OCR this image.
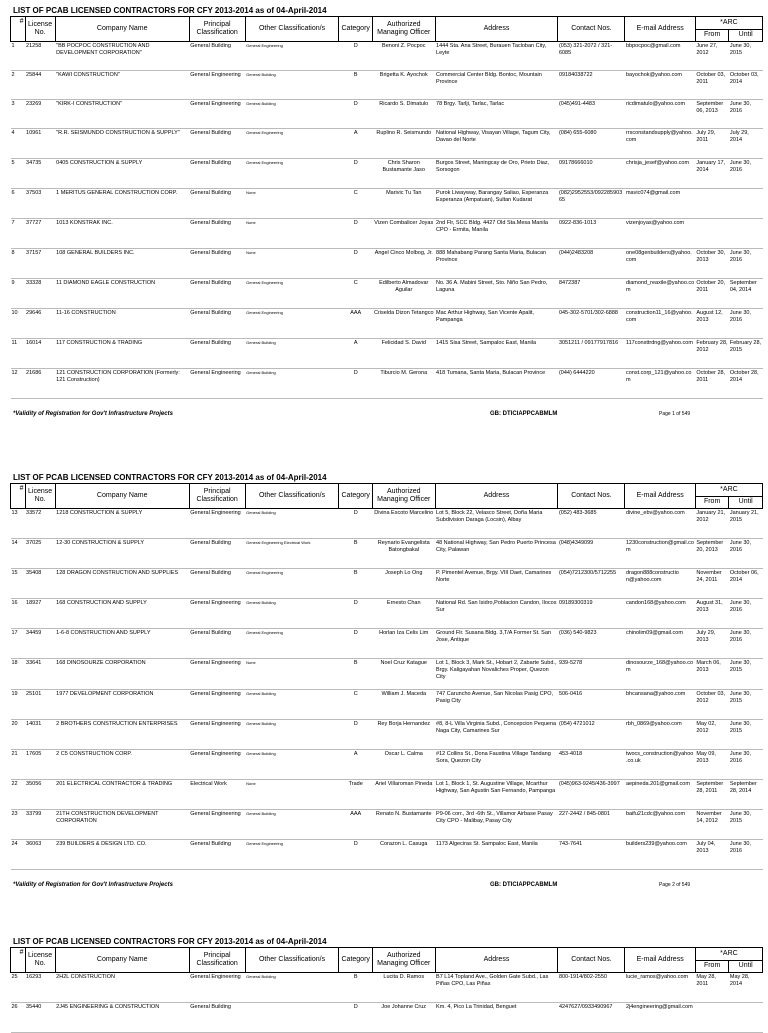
LIST OF PCAB LICENSED CONTRACTORS FOR CFY 2013-2014 as of 04-April-2014
#	License No.	Company Name	Principal Classification	Other Classification/s	Category	Authorized Managing Officer	Address	Contact Nos.	E-mail Address	*ARC	
										From	Until
1	21258	"BB POCPOC CONSTRUCTION AND DEVELOPMENT CORPORATION"	General Building	General Engineering	D	Benoni Z. Pocpoc	1444 Sta. Ana Street, Burauen Tacloban City, Leyte	(053) 321-2072 / 321-6085	bbpocpoc@gmail.com	June 27, 2012	June 30, 2015
2	25844	"KAWI CONSTRUCTION"	General Engineering	General Building	B	Brigetta K. Ayochok	Commercial Center Bldg. Bontoc, Mountain Province	09184038722	bayochok@yahoo.com	October 03, 2011	October 03, 2014
3	23269	"KIRK-I CONSTRUCTION"	General Engineering	General Building	D	Ricardo S. Dimatulo	78 Brgy. Tarlji, Tarlac, Tarlac	(045)491-4483	ricdimatulo@yahoo.com	September 06, 2013	June 30, 2016
4	10961	"R.R. SEISMUNDO CONSTRUCTION & SUPPLY"	General Building	General Engineering	A	Ruplino R. Seismundo	National Highway, Visayan Village, Tagum City, Davao del Norte	(084) 655-6080	rrsconstandsupply@yahoo.com	July 29, 2011	July 29, 2014
5	34735	0405 CONSTRUCTION & SUPPLY	General Building	General Engineering	D	Chris Sharon Bustamante Jaso	Burgos Street, Maningcay de Oro, Prieto Diaz, Sorsogon	09178666010	chrisja_jesef@yahoo.com	January 17, 2014	June 30, 2016
6	37503	1 MERITUS GENERAL CONSTRUCTION CORP.	General Building	None	C	Marivic Tu Tan	Purok Liwayway, Barangay Saliao, Esperanza Esperanza (Ampatuan), Sultan Kudarat	(082)2952553/09228590365	mavic074@gmail.com		
7	37727	1013 KONSTRAK INC.	General Building	None	D	Vizen Combalicer Joyas	2nd Flr, SCC Bldg. 4427 Old Sta.Mesa Manila CPO - Ermita, Manila	0922-836-1013	vizenjoyas@yahoo.com		
8	37157	108 GENERAL BUILDERS INC.	General Building	None	D	Angel Cinco Molbog, Jr.	888 Mahabang Parang Santa Maria, Bulacan Province	(044)2483208	one08genbuilders@yahoo.com	October 30, 2013	June 30, 2016
9	33328	11 DIAMOND EAGLE CONSTRUCTION	General Building	General Engineering	C	Edilberto Almadovar Aguilar	No. 36 A. Mabini Street, Sto. Niño San Pedro, Laguna	8472387	diamond_reaxile@yahoo.com	October 20, 2011	September 04, 2014
10	29646	11-16 CONSTRUCTION	General Building	General Engineering	AAA	Criselda Dizon Tetangco	Mac Arthur Highway, San Vicente Apalit, Pampanga	045-302-5701/302-6888	construction11_16@yahoo.com	August 12, 2013	June 30, 2016
11	16014	117 CONSTRUCTION & TRADING	General Building	General Building	A	Felicidad S. David	1415 Sisa Street, Sampaloc East, Manila	3051211 / 09177917816	117consttrdng@yahoo.com	February 28, 2012	February 28, 2015
12	21686	121 CONSTRUCTION CORPORATION (Formerly: 121 Construction)	General Engineering	General Building	D	Tiburcio M. Gerona	418 Tumana, Santa Maria, Bulacan Province	(044) 6444220	const.corp_121@yahoo.com	October 28, 2011	October 28, 2014
*Validity of Registration for Gov't Infrastructure Projects	GB: DTICIAPPCABMLM	Page 1 of 549
LIST OF PCAB LICENSED CONTRACTORS FOR CFY 2013-2014 as of 04-April-2014
#	License No.	Company Name	Principal Classification	Other Classification/s	Category	Authorized Managing Officer	Address	Contact Nos.	E-mail Address	*ARC	
										From	Until
13	33572	1218 CONSTRUCTION & SUPPLY	General Engineering	General Building	D	Divina Escoto Marcelino	Lot 5, Block 22, Velasco Street, Doña Maria Subdivision Daraga (Locsin), Albay	(052) 483-3685	divine_ebv@yahoo.com	January 21, 2012	January 21, 2015
14	37025	12-30 CONSTRUCTION & SUPPLY	General Building	General Engineering Electrical Work	B	Reynario Evangelista Batongbakal	48 National Highway, San Pedro Puerto Princesa City, Palawan	(048)4349099	1230construction@gmail.com	September 20, 2013	June 30, 2016
15	35408	128 DRAGON CONSTRUCTION AND SUPPLIES	General Building	General Engineering	B	Joseph Lo Ong	P. Pimentel Avenue, Brgy. VIII Daet, Camarines Norte	(054)7212300/5712255	dragon888constructio n@yahoo.com	November 24, 2011	October 06, 2014
16	18927	168 CONSTRUCTION AND SUPPLY	General Engineering	General Building	D	Ernesto Chan	National Rd. San Isidro,Poblacion Candon, Ilocos Sur	09189300319	candon168@yahoo.com	August 31, 2013	June 30, 2016
17	34459	1-6-8 CONSTRUCTION AND SUPPLY	General Building	General Engineering	D	Horlan Iza Celis Lim	Ground Flr. Susana Bldg. 3,T/A Former St. San Jose, Antique	(036) 540-9823	chinolim09@gmail.com	July 29, 2013	June 30, 2016
18	33641	168 DINOSOURZE CORPORATION	General Engineering	None	B	Noel Cruz Katague	Lot 1, Block 3, Mark St., Hobart 2, Zabarte Subd., Brgy. Kaligayahan Novaliches Proper, Quezon City	939-5278	dinosourze_168@yahoo.com	March 06, 2013	June 30, 2015
19	25101	1977 DEVELOPMENT CORPORATION	General Engineering	General Building	C	William J. Maceda	747 Caruncho Avenue, San Nicolas Pasig CPO, Pasig City	506-0416	bhcansana@yahoo.com	October 03, 2012	June 30, 2015
20	14031	2 BROTHERS CONSTRUCTION ENTERPRISES	General Engineering	General Building	D	Rey Borja Hernandez	#8, 8-L Villa Virginia Subd., Concepcion Pequena Naga City, Camarines Sur	(054) 4721012	rbh_0869@yahoo.com	May 02, 2012	June 30, 2015
21	17605	2 C5 CONSTRUCTION CORP.	General Engineering	General Building	A	Oscar L. Calma	#12 Collins St., Dona Faustina Village Tandang Sora, Quezon City	453-4018	twocs_construction@yahoo.co.uk	May 09, 2013	June 30, 2016
22	35056	201 ELECTRICAL CONTRACTOR & TRADING	Electrical Work	None	Trade	Ariel Villaroman Pineda	Lot 1, Block 1, St. Augustine Village, Mcarthur Highway, San Agustin San Fernando, Pampanga	(045)963-9245/436-3997	aepineda.201@gmail.com	September 28, 2011	September 28, 2014
23	33799	21TH CONSTRUCTION DEVELOPMENT CORPORATION	General Engineering	General Building	AAA	Renato N. Bustamante	P9-06 corr., 3rd -6th St., Villamor Airbase Pasay City CPO - Malibay, Pasay City	227-2442 / 845-0801	baifu21cdc@yahoo.com	November 14, 2012	June 30, 2015
24	36063	239 BUILDERS & DESIGN LTD. CO.	General Building	General Engineering	D	Corazon L. Casuga	1173 Algeciras St. Sampaloc East, Manila	743-7641	builders239@yahoo.com	July 04, 2013	June 30, 2016
*Validity of Registration for Gov't Infrastructure Projects	GB: DTICIAPPCABMLM	Page 2 of 549
LIST OF PCAB LICENSED CONTRACTORS FOR CFY 2013-2014 as of 04-April-2014
#	License No.	Company Name	Principal Classification	Other Classification/s	Category	Authorized Managing Officer	Address	Contact Nos.	E-mail Address	*ARC	
										From	Until
25	16293	2H2L CONSTRUCTION	General Engineering	General Building	B	Lucita D. Ramos	B7 L14 Topland Ave., Golden Gate Subd., Las Piñas CPO, Las Piñas	800-1914/802-2550	lucie_ramos@yahoo.com	May 28, 2011	May 28, 2014
26	35440	2J45 ENGINEERING & CONSTRUCTION	General Building		D	Joe Johanne Cruz	Km. 4, Pico La Trinidad, Benguet	4247627/0933490967	2j4engineering@gmail.com		
